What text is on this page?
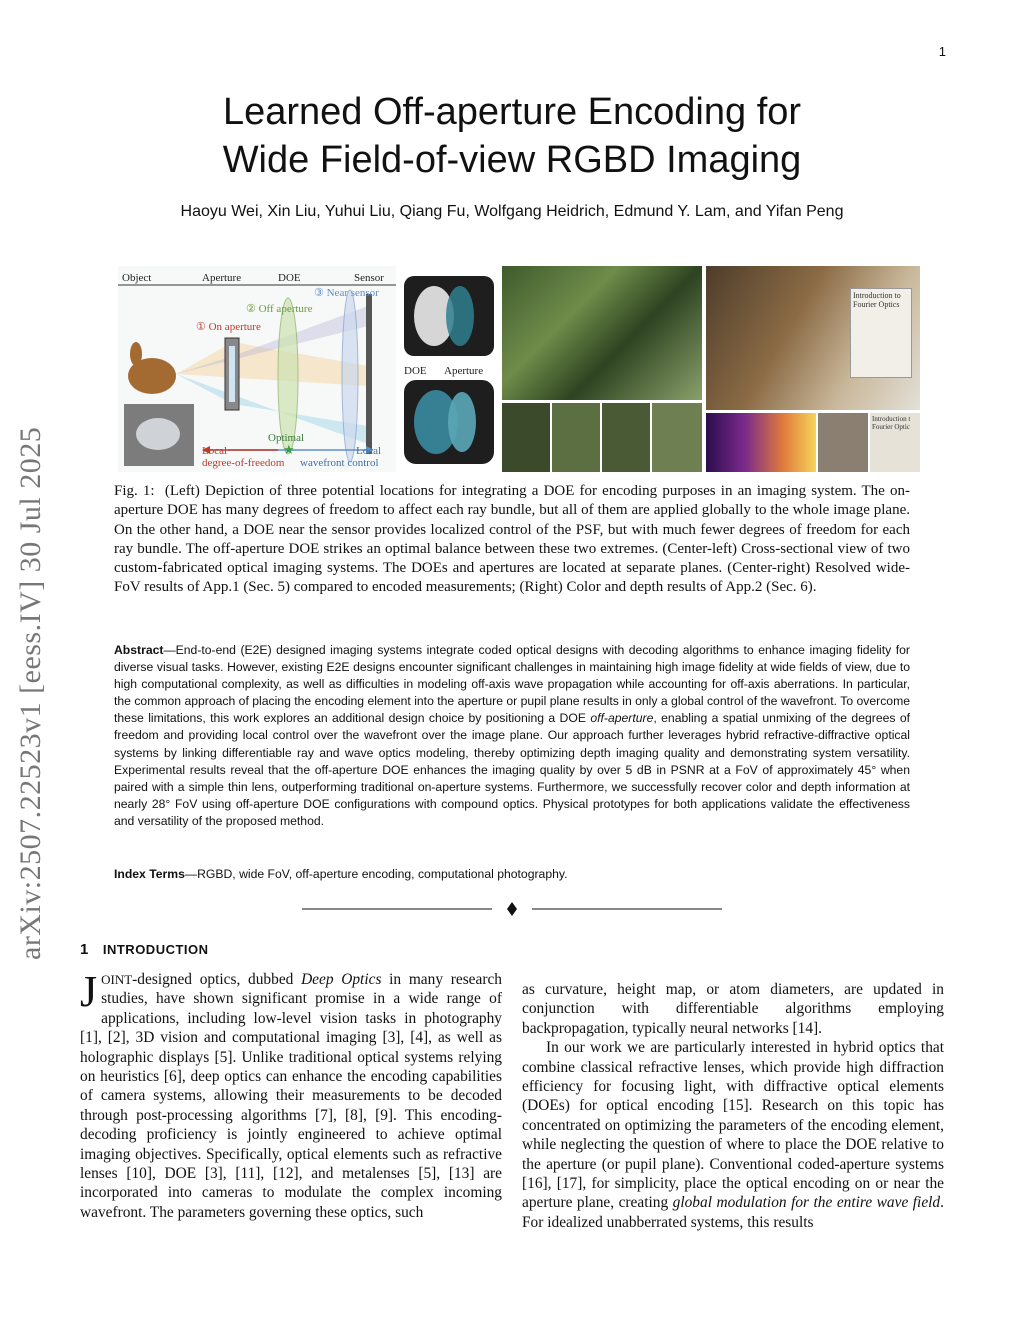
1
Learned Off-aperture Encoding for
Wide Field-of-view RGBD Imaging
Haoyu Wei, Xin Liu, Yuhui Liu, Qiang Fu, Wolfgang Heidrich, Edmund Y. Lam, and Yifan Peng
arXiv:2507.22523v1 [eess.IV] 30 Jul 2025
Object	Aperture	DOE	Sensor
③ Near sensor
② Off aperture
① On aperture
★
Optimal
Local
degree-of-freedom
Local
wavefront control
DOE Aperture
Introduction to Fourier Optics
Introduction t Fourier Optic
Fig. 1: (Left) Depiction of three potential locations for integrating a DOE for encoding purposes in an imaging system. The on-aperture DOE has many degrees of freedom to affect each ray bundle, but all of them are applied globally to the whole image plane. On the other hand, a DOE near the sensor provides localized control of the PSF, but with much fewer degrees of freedom for each ray bundle. The off-aperture DOE strikes an optimal balance between these two extremes. (Center-left) Cross-sectional view of two custom-fabricated optical imaging systems. The DOEs and apertures are located at separate planes. (Center-right) Resolved wide-FoV results of App.1 (Sec. 5) compared to encoded measurements; (Right) Color and depth results of App.2 (Sec. 6).
Abstract—End-to-end (E2E) designed imaging systems integrate coded optical designs with decoding algorithms to enhance imaging fidelity for diverse visual tasks. However, existing E2E designs encounter significant challenges in maintaining high image fidelity at wide fields of view, due to high computational complexity, as well as difficulties in modeling off-axis wave propagation while accounting for off-axis aberrations. In particular, the common approach of placing the encoding element into the aperture or pupil plane results in only a global control of the wavefront. To overcome these limitations, this work explores an additional design choice by positioning a DOE off-aperture, enabling a spatial unmixing of the degrees of freedom and providing local control over the wavefront over the image plane. Our approach further leverages hybrid refractive-diffractive optical systems by linking differentiable ray and wave optics modeling, thereby optimizing depth imaging quality and demonstrating system versatility. Experimental results reveal that the off-aperture DOE enhances the imaging quality by over 5 dB in PSNR at a FoV of approximately 45° when paired with a simple thin lens, outperforming traditional on-aperture systems. Furthermore, we successfully recover color and depth information at nearly 28° FoV using off-aperture DOE configurations with compound optics. Physical prototypes for both applications validate the effectiveness and versatility of the proposed method.
Index Terms—RGBD, wide FoV, off-aperture encoding, computational photography.
1 INTRODUCTION
JOINT-designed optics, dubbed Deep Optics in many research studies, have shown significant promise in a wide range of applications, including low-level vision tasks in photography [1], [2], 3D vision and computational imaging [3], [4], as well as holographic displays [5]. Unlike traditional optical systems relying on heuristics [6], deep optics can enhance the encoding capabilities of camera systems, allowing their measurements to be decoded through post-processing algorithms [7], [8], [9]. This encoding-decoding proficiency is jointly engineered to achieve optimal imaging objectives. Specifically, optical elements such as refractive lenses [10], DOE [3], [11], [12], and metalenses [5], [13] are incorporated into cameras to modulate the complex incoming wavefront. The parameters governing these optics, such
as curvature, height map, or atom diameters, are updated in conjunction with differentiable algorithms employing backpropagation, typically neural networks [14].
In our work we are particularly interested in hybrid optics that combine classical refractive lenses, which provide high diffraction efficiency for focusing light, with diffractive optical elements (DOEs) for optical encoding [15]. Research on this topic has concentrated on optimizing the parameters of the encoding element, while neglecting the question of where to place the DOE relative to the aperture (or pupil plane). Conventional coded-aperture systems [16], [17], for simplicity, place the optical encoding on or near the aperture plane, creating global modulation for the entire wave field. For idealized unabberrated systems, this results
